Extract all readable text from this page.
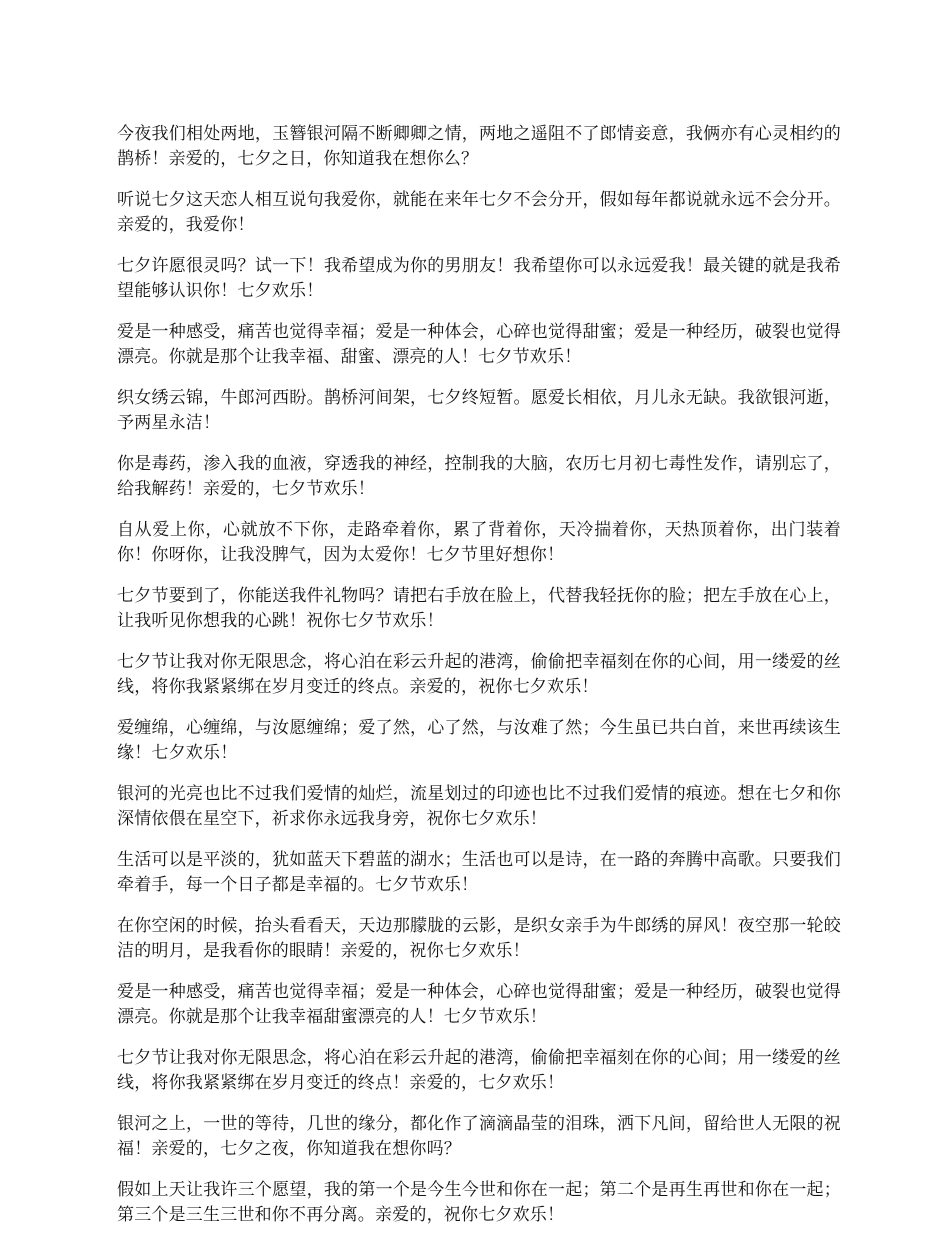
今夜我们相处两地，玉簪银河隔不断卿卿之情，两地之遥阻不了郎情妾意，我俩亦有心灵相约的鹊桥！亲爱的，七夕之日，你知道我在想你么？

听说七夕这天恋人相互说句我爱你，就能在来年七夕不会分开，假如每年都说就永远不会分开。亲爱的，我爱你！

七夕许愿很灵吗？试一下！我希望成为你的男朋友！我希望你可以永远爱我！最关键的就是我希望能够认识你！七夕欢乐！

爱是一种感受，痛苦也觉得幸福；爱是一种体会，心碎也觉得甜蜜；爱是一种经历，破裂也觉得漂亮。你就是那个让我幸福、甜蜜、漂亮的人！七夕节欢乐！

织女绣云锦，牛郎河西盼。鹊桥河间架，七夕终短暂。愿爱长相依，月儿永无缺。我欲银河逝，予两星永洁！

你是毒药，渗入我的血液，穿透我的神经，控制我的大脑，农历七月初七毒性发作，请别忘了，给我解药！亲爱的，七夕节欢乐！

自从爱上你，心就放不下你，走路牵着你，累了背着你，天冷揣着你，天热顶着你，出门装着你！你呀你，让我没脾气，因为太爱你！七夕节里好想你！

七夕节要到了，你能送我件礼物吗？请把右手放在脸上，代替我轻抚你的脸；把左手放在心上，让我听见你想我的心跳！祝你七夕节欢乐！

七夕节让我对你无限思念，将心泊在彩云升起的港湾，偷偷把幸福刻在你的心间，用一缕爱的丝线，将你我紧紧绑在岁月变迁的终点。亲爱的，祝你七夕欢乐！

爱缠绵，心缠绵，与汝愿缠绵；爱了然，心了然，与汝难了然；今生虽已共白首，来世再续该生缘！七夕欢乐！

银河的光亮也比不过我们爱情的灿烂，流星划过的印迹也比不过我们爱情的痕迹。想在七夕和你深情依偎在星空下，祈求你永远我身旁，祝你七夕欢乐！

生活可以是平淡的，犹如蓝天下碧蓝的湖水；生活也可以是诗，在一路的奔腾中高歌。只要我们牵着手，每一个日子都是幸福的。七夕节欢乐！

在你空闲的时候，抬头看看天，天边那朦胧的云影，是织女亲手为牛郎绣的屏风！夜空那一轮皎洁的明月，是我看你的眼睛！亲爱的，祝你七夕欢乐！

爱是一种感受，痛苦也觉得幸福；爱是一种体会，心碎也觉得甜蜜；爱是一种经历，破裂也觉得漂亮。你就是那个让我幸福甜蜜漂亮的人！七夕节欢乐！

七夕节让我对你无限思念，将心泊在彩云升起的港湾，偷偷把幸福刻在你的心间；用一缕爱的丝线，将你我紧紧绑在岁月变迁的终点！亲爱的，七夕欢乐！

银河之上，一世的等待，几世的缘分，都化作了滴滴晶莹的泪珠，洒下凡间，留给世人无限的祝福！亲爱的，七夕之夜，你知道我在想你吗？

假如上天让我许三个愿望，我的第一个是今生今世和你在一起；第二个是再生再世和你在一起；第三个是三生三世和你不再分离。亲爱的，祝你七夕欢乐！
